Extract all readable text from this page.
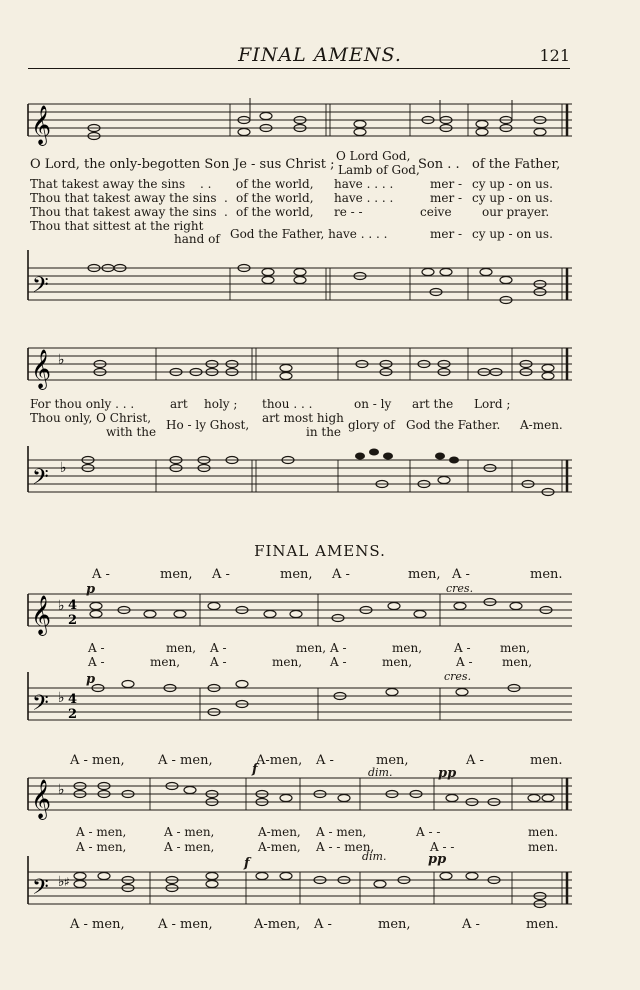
FINAL AMENS.	121
𝄞
O Lord, the only-begotten Son Je - sus Christ ;
O Lord God,
Lamb of God,
Son . . of the Father,
That takest away the sins . . of the world, have . . . .	mer - cy up - on us.
Thou that takest away the sins . of the world, have . . . .	mer - cy up - on us.
Thou that takest away the sins . of the world, re - -	ceive	our prayer.
Thou that sittest at the right
hand of God the Father, have . . . .	mer - cy up - on us.
𝄢
𝄞 ♭
For thou only . . .	art holy ; thou . . .	on - ly art the Lord ;
Thou only, O Christ,
with the Ho - ly Ghost, art most high
in the glory of God the Father. A-men.
𝄢 ♭
FINAL AMENS.
A -	men, A -	men, A -	men, A -	men.
𝄞 ♭ 4
2
p	cres.
A -	men, A -	men, A -	men,	A - men,
A -	men, A -	men, A -	men,	A - men,
𝄢 ♭ 4
2
p	cres.
A - men,	A - men,	A-men, A -	men,	A -	men.
𝄞 ♭
f	dim.	pp
A - men,	A - men,	A-men, A - men,	A - -	men.
A - men,	A - men,	A-men, A - - men,	A - -	men.
𝄢 ♭ ♯
f	dim.	pp
A - men,	A - men,	A-men, A -	men,	A -	men.
